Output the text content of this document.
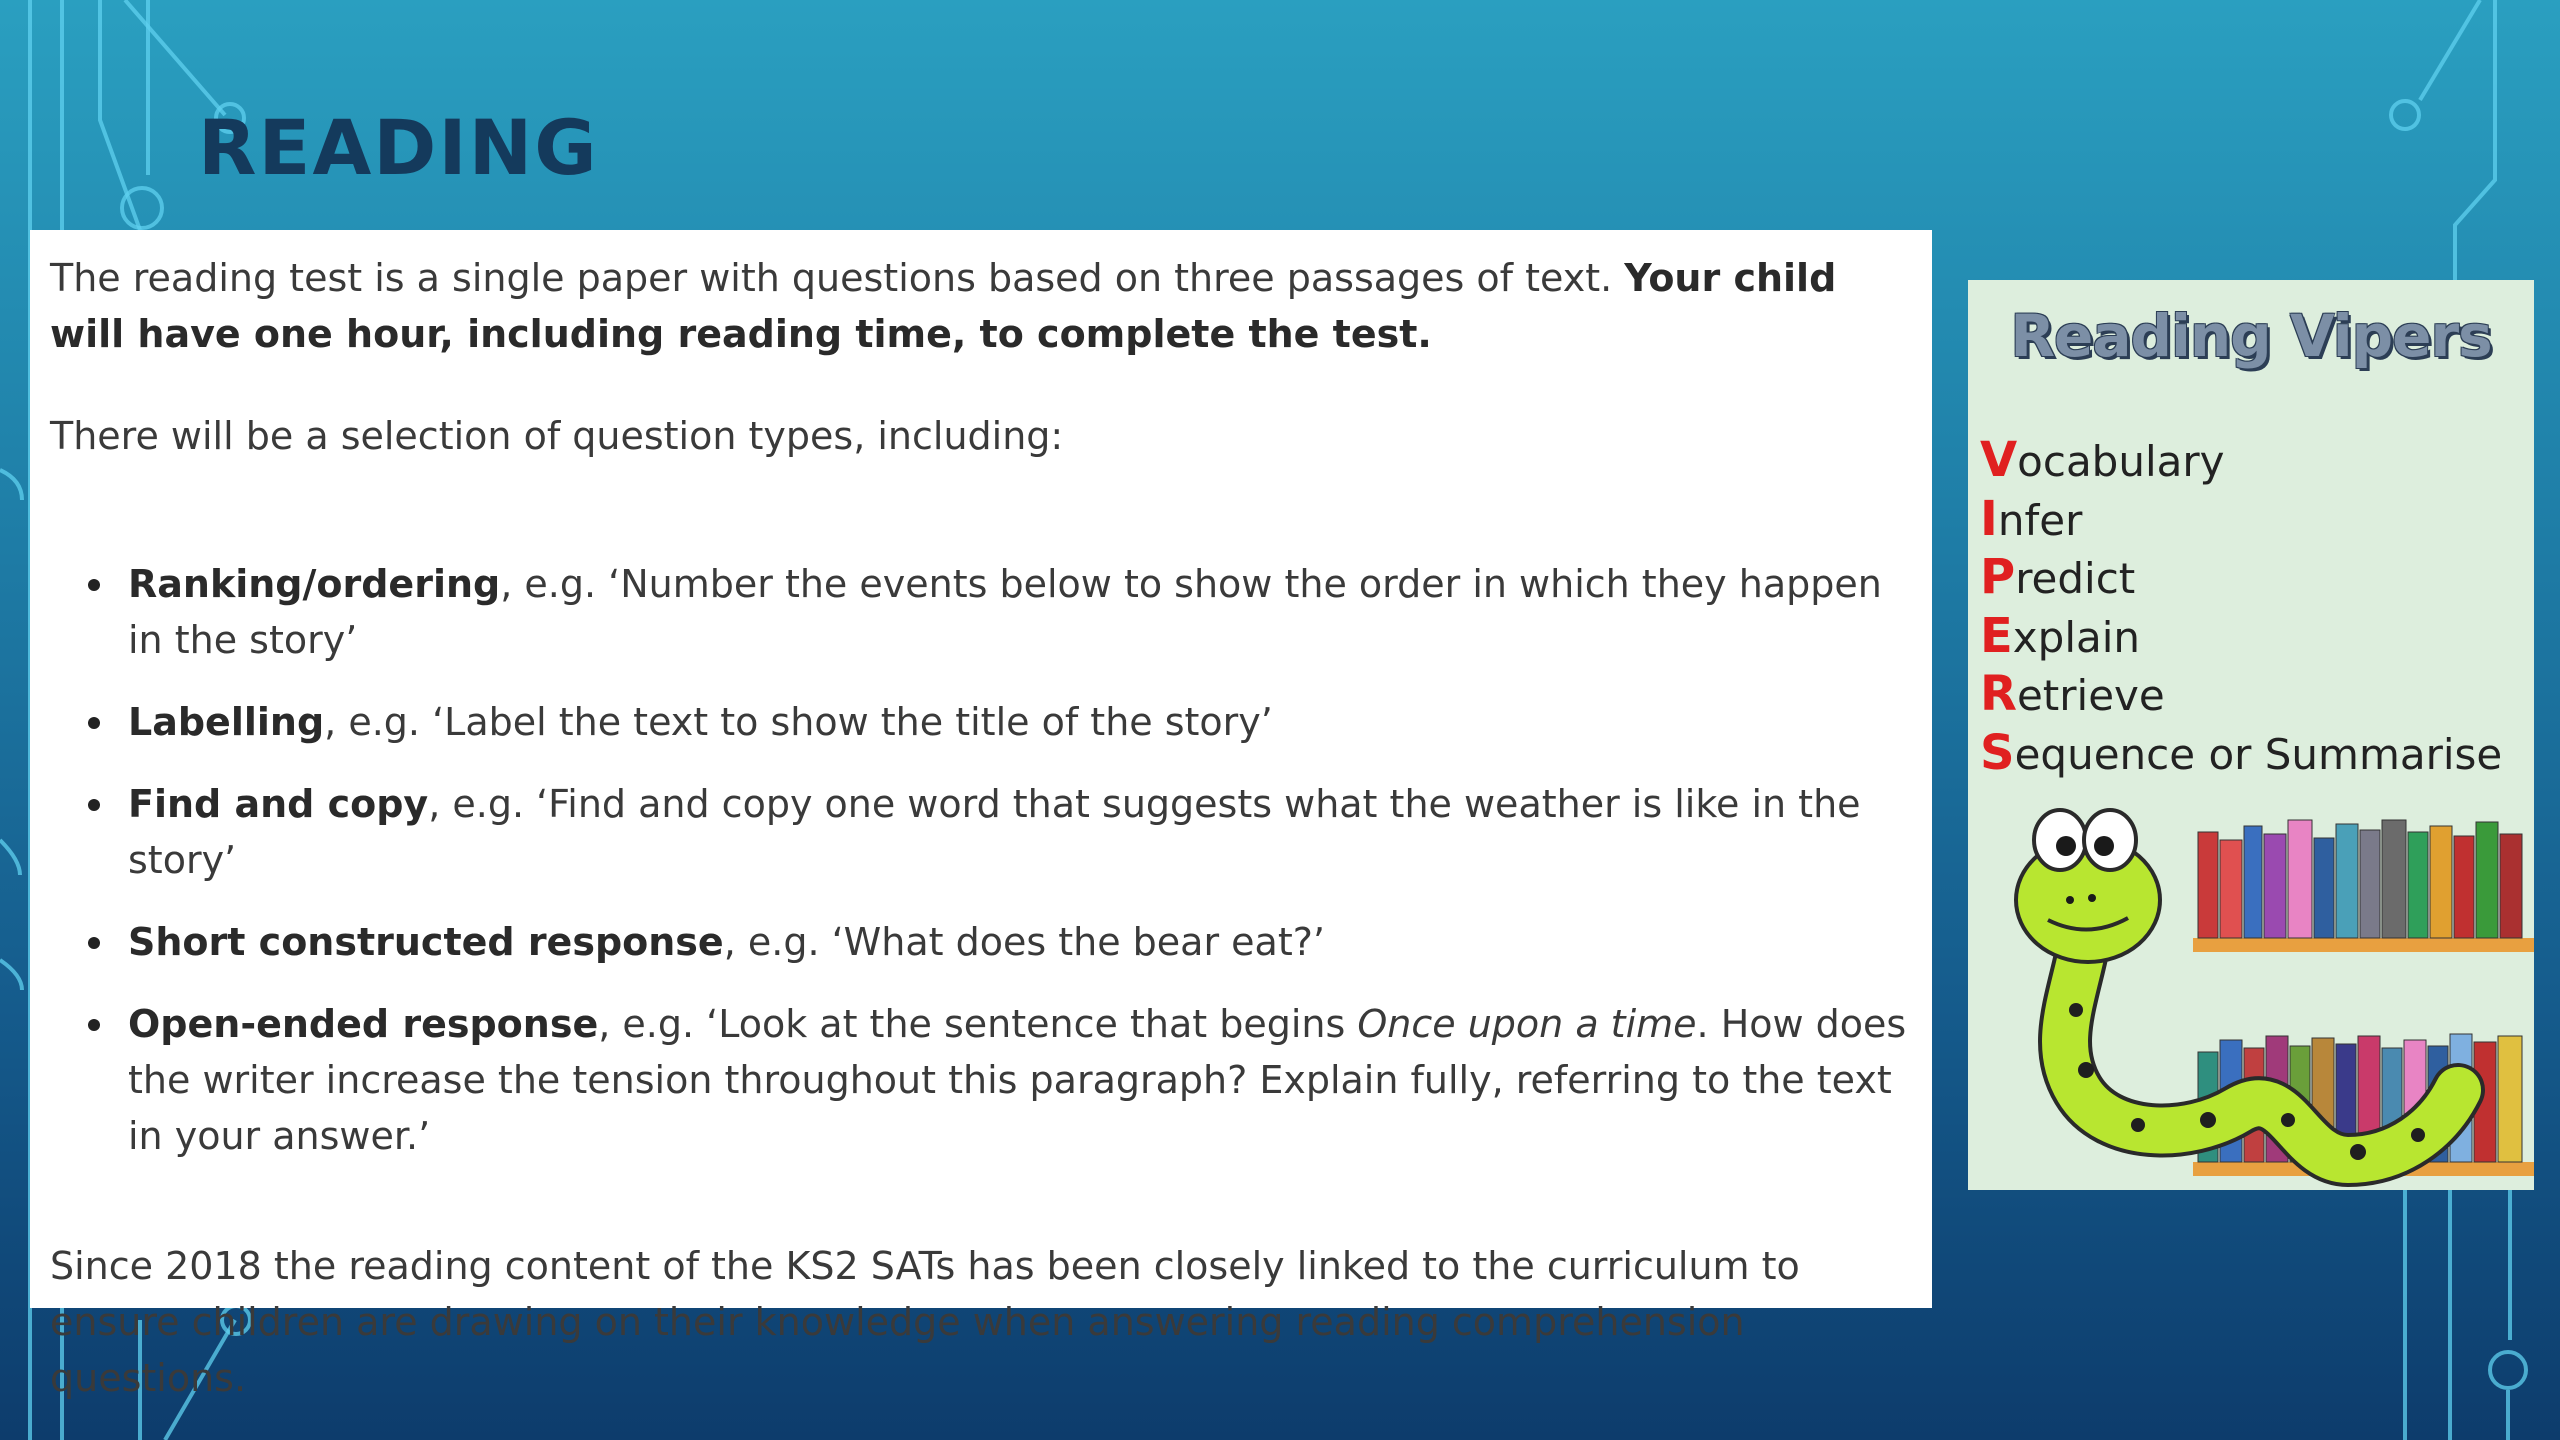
READING

The reading test is a single paper with questions based on three passages of text. Your child will have one hour, including reading time, to complete the test.

There will be a selection of question types, including:

Ranking/ordering, e.g. ‘Number the events below to show the order in which they happen in the story’
Labelling, e.g. ‘Label the text to show the title of the story’
Find and copy, e.g. ‘Find and copy one word that suggests what the weather is like in the story’
Short constructed response, e.g. ‘What does the bear eat?’
Open-ended response, e.g. ‘Look at the sentence that begins Once upon a time. How does the writer increase the tension throughout this paragraph? Explain fully, referring to the text in your answer.’

Since 2018 the reading content of the KS2 SATs has been closely linked to the curriculum to ensure children are drawing on their knowledge when answering reading comprehension questions.

Reading Vipers
Vocabulary
Infer
Predict
Explain
Retrieve
Sequence or Summarise
